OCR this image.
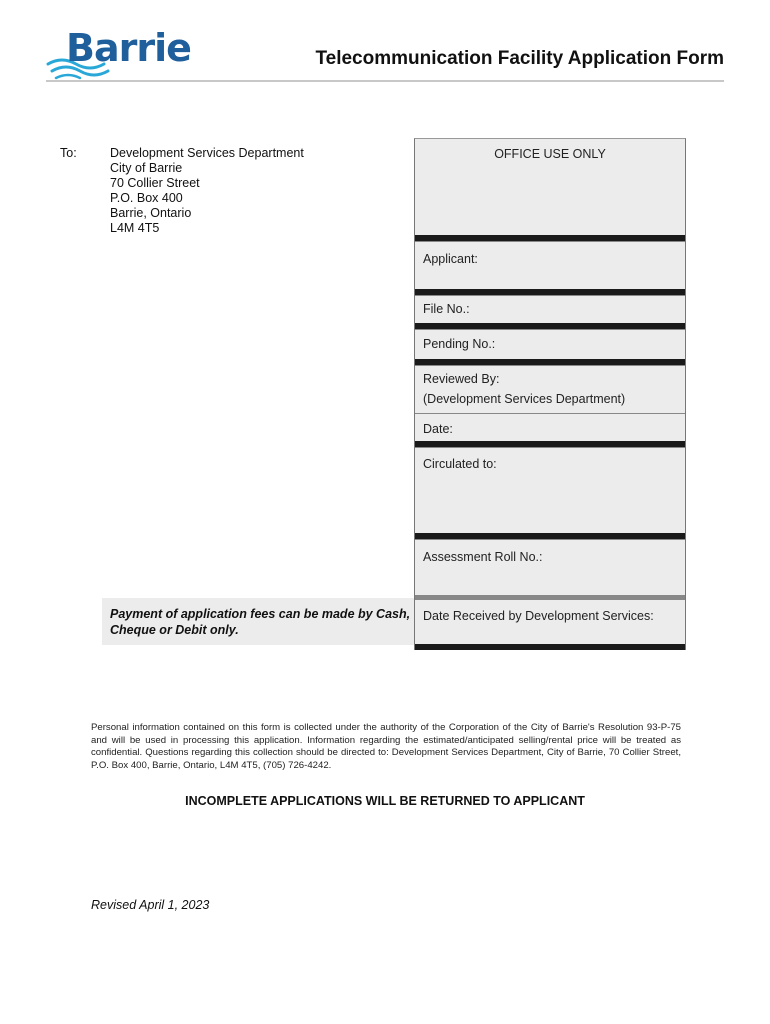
Barrie	Telecommunication Facility Application Form
To:	Development Services Department
City of Barrie
70 Collier Street
P.O. Box 400
Barrie, Ontario
L4M 4T5
OFFICE USE ONLY
Applicant:
File No.:
Pending No.:
Reviewed By:
(Development Services Department)
Date:
Circulated to:
Assessment Roll No.:
Date Received by Development Services:
Payment of application fees can be made by Cash,
Cheque or Debit only.
Personal information contained on this form is collected under the authority of the Corporation of the City of Barrie's Resolution 93-P-75 and will be used in processing this application. Information regarding the estimated/anticipated selling/rental price will be treated as confidential. Questions regarding this collection should be directed to: Development Services Department, City of Barrie, 70 Collier Street, P.O. Box 400, Barrie, Ontario, L4M 4T5, (705) 726-4242.
INCOMPLETE APPLICATIONS WILL BE RETURNED TO APPLICANT
Revised April 1, 2023
